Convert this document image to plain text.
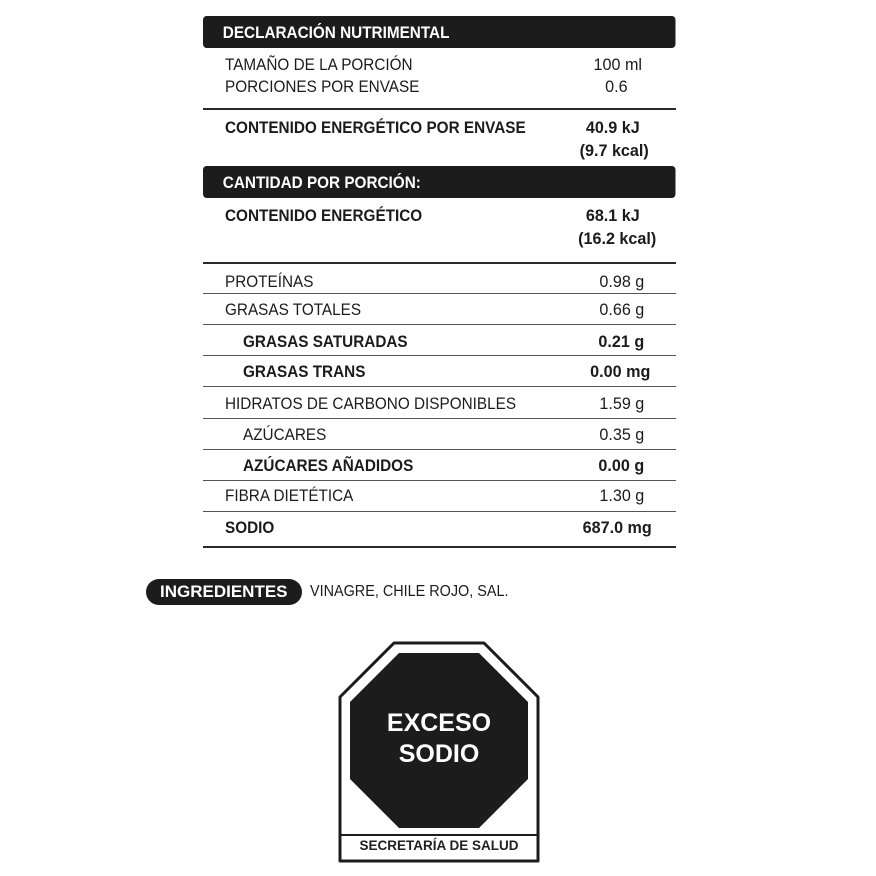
DECLARACIÓN NUTRIMENTAL
TAMAÑO DE LA PORCIÓN	100 ml
PORCIONES POR ENVASE	0.6
CONTENIDO ENERGÉTICO POR ENVASE	40.9 kJ
(9.7 kcal)
CANTIDAD POR PORCIÓN:
CONTENIDO ENERGÉTICO	68.1 kJ
(16.2 kcal)
PROTEÍNAS	0.98 g
GRASAS TOTALES	0.66 g
GRASAS SATURADAS	0.21 g
GRASAS TRANS	0.00 mg
HIDRATOS DE CARBONO DISPONIBLES	1.59 g
AZÚCARES	0.35 g
AZÚCARES AÑADIDOS	0.00 g
FIBRA DIETÉTICA	1.30 g
SODIO	687.0 mg
INGREDIENTES	VINAGRE, CHILE ROJO, SAL.
EXCESO
SODIO
SECRETARÍA DE SALUD
